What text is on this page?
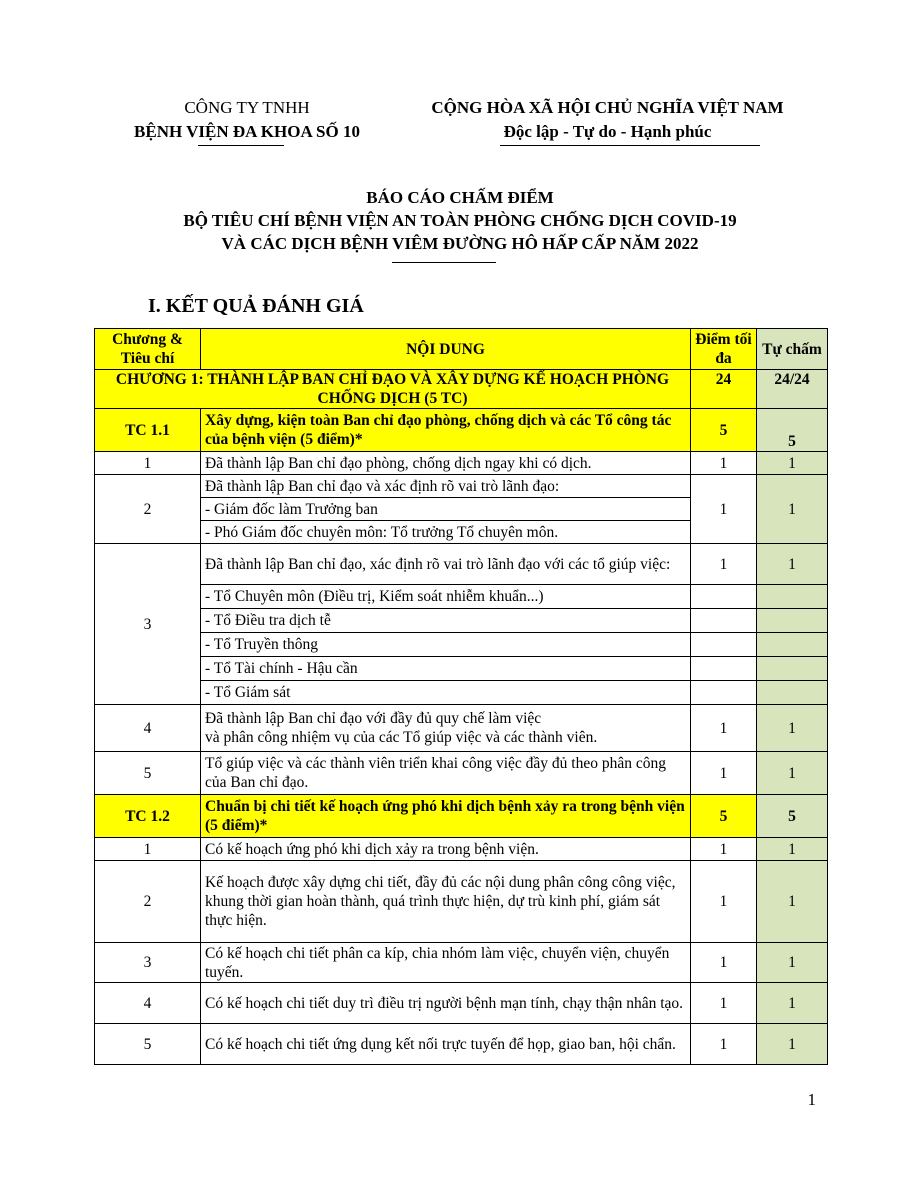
CÔNG TY TNHH
BỆNH VIỆN ĐA KHOA SỐ 10
CỘNG HÒA XÃ HỘI CHỦ NGHĨA VIỆT NAM
Độc lập - Tự do - Hạnh phúc
BÁO CÁO CHẤM ĐIỂM
BỘ TIÊU CHÍ BỆNH VIỆN AN TOÀN PHÒNG CHỐNG DỊCH COVID-19
VÀ CÁC DỊCH BỆNH VIÊM ĐƯỜNG HÔ HẤP CẤP NĂM 2022
I. KẾT QUẢ ĐÁNH GIÁ
Chương & Tiêu chí	NỘI DUNG	Điểm tối đa	Tự chấm
CHƯƠNG 1: THÀNH LẬP BAN CHỈ ĐẠO VÀ XÂY DỰNG KẾ HOẠCH PHÒNG CHỐNG DỊCH (5 TC)		24	24/24
TC 1.1	Xây dựng, kiện toàn Ban chỉ đạo phòng, chống dịch và các Tổ công tác của bệnh viện (5 điểm)*	5	5
1	Đã thành lập Ban chỉ đạo phòng, chống dịch ngay khi có dịch.	1	1
2	Đã thành lập Ban chỉ đạo và xác định rõ vai trò lãnh đạo:	1	1
	- Giám đốc làm Trưởng ban		
	- Phó Giám đốc chuyên môn: Tổ trưởng Tổ chuyên môn.		
3	Đã thành lập Ban chỉ đạo, xác định rõ vai trò lãnh đạo với các tổ giúp việc:	1	1
	- Tổ Chuyên môn (Điều trị, Kiểm soát nhiễm khuẩn...)		
	- Tổ Điều tra dịch tễ		
	- Tổ Truyền thông		
	- Tổ Tài chính - Hậu cần		
	- Tổ Giám sát		
4	Đã thành lập Ban chỉ đạo với đầy đủ quy chế làm việc
và phân công nhiệm vụ của các Tổ giúp việc và các thành viên.	1	1
5	Tổ giúp việc và các thành viên triển khai công việc đầy đủ theo phân công của Ban chỉ đạo.	1	1
TC 1.2	Chuẩn bị chi tiết kế hoạch ứng phó khi dịch bệnh xảy ra trong bệnh viện (5 điểm)*	5	5
1	Có kế hoạch ứng phó khi dịch xảy ra trong bệnh viện.	1	1
2	Kế hoạch được xây dựng chi tiết, đầy đủ các nội dung phân công công việc,
khung thời gian hoàn thành, quá trình thực hiện, dự trù kinh phí, giám sát thực hiện.	1	1
3	Có kế hoạch chi tiết phân ca kíp, chia nhóm làm việc, chuyển viện, chuyển tuyến.	1	1
4	Có kế hoạch chi tiết duy trì điều trị người bệnh mạn tính, chạy thận nhân tạo.	1	1
5	Có kế hoạch chi tiết ứng dụng kết nối trực tuyến để họp, giao ban, hội chẩn.	1	1
1
